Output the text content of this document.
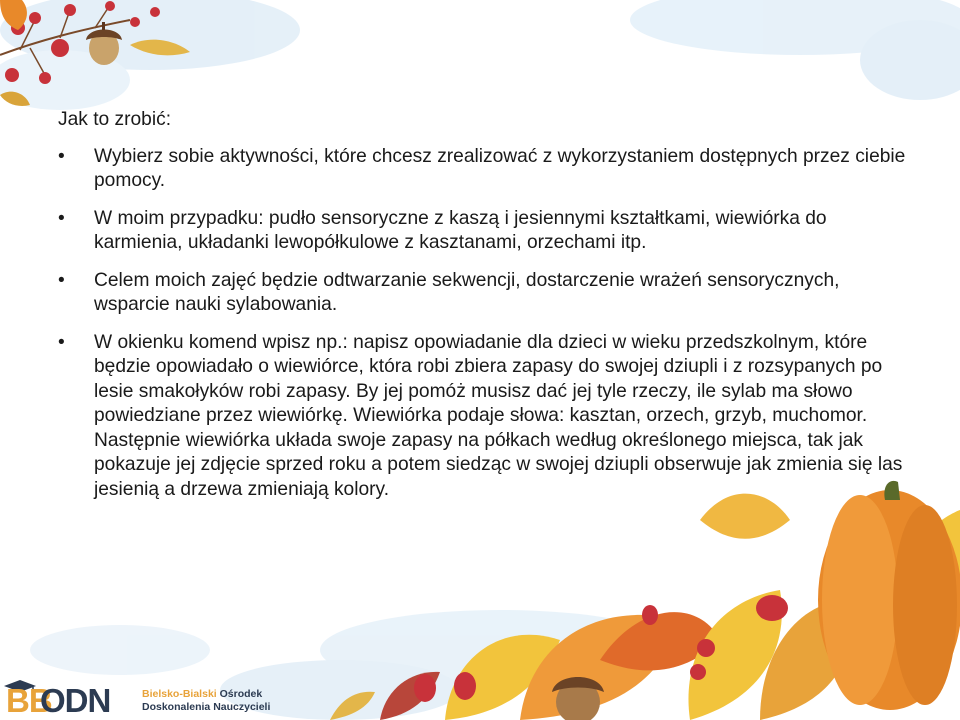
Jak to zrobić:

• Wybierz sobie aktywności, które chcesz zrealizować z wykorzystaniem dostępnych przez ciebie pomocy.
• W moim przypadku: pudło sensoryczne z kaszą i jesiennymi kształtkami, wiewiórka do karmienia, układanki lewopółkulowe z kasztanami, orzechami itp.
• Celem moich zajęć będzie odtwarzanie sekwencji, dostarczenie wrażeń sensorycznych, wsparcie nauki sylabowania.
• W okienku komend wpisz np.: napisz opowiadanie dla dzieci w wieku przedszkolnym, które będzie opowiadało o wiewiórce, która robi zbiera zapasy do swojej dziupli i z rozsypanych po lesie smakołyków robi zapasy. By jej pomóż musisz dać jej tyle rzeczy, ile sylab ma słowo powiedziane przez wiewiórkę. Wiewiórka podaje słowa: kasztan, orzech, grzyb, muchomor. Następnie wiewiórka układa swoje zapasy na półkach według określonego miejsca, tak jak pokazuje jej zdjęcie sprzed roku a potem siedząc w swojej dziupli obserwuje jak zmienia się las jesienią a drzewa zmieniają kolory.
BB
ODN	Bielsko-Bialski Ośrodek
Doskonalenia Nauczycieli
